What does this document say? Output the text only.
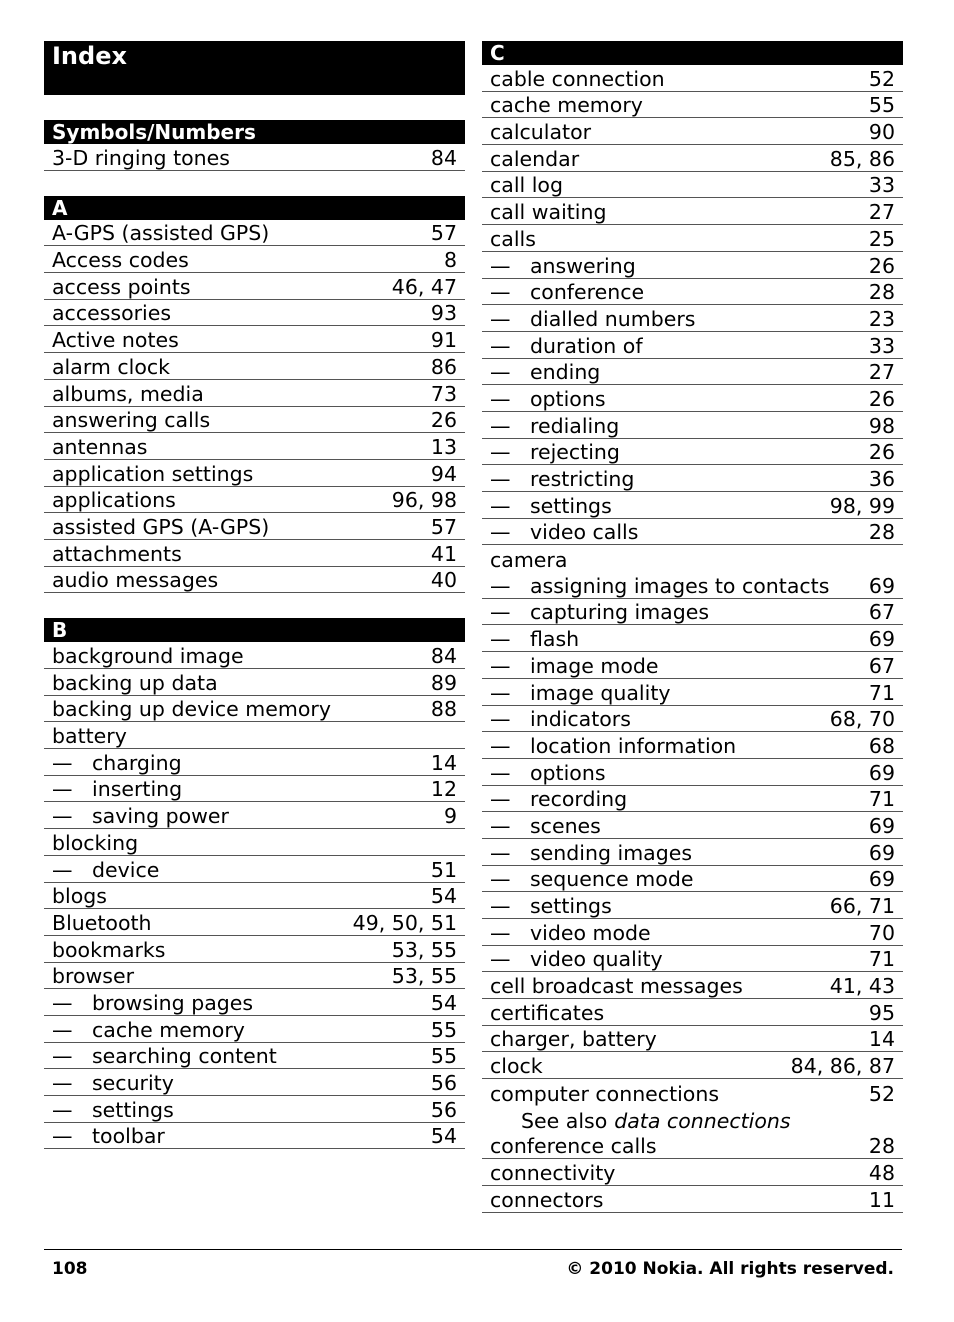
Index
Symbols/Numbers
3-D ringing tones	84
A
A-GPS (assisted GPS)	57
Access codes	8
access points	46, 47
accessories	93
Active notes	91
alarm clock	86
albums, media	73
answering calls	26
antennas	13
application settings	94
applications	96, 98
assisted GPS (A-GPS)	57
attachments	41
audio messages	40
B
background image	84
backing up data	89
backing up device memory	88
battery
— charging	14
— inserting	12
— saving power	9
blocking
— device	51
blogs	54
Bluetooth	49, 50, 51
bookmarks	53, 55
browser	53, 55
— browsing pages	54
— cache memory	55
— searching content	55
— security	56
— settings	56
— toolbar	54
C
cable connection	52
cache memory	55
calculator	90
calendar	85, 86
call log	33
call waiting	27
calls	25
— answering	26
— conference	28
— dialled numbers	23
— duration of	33
— ending	27
— options	26
— redialing	98
— rejecting	26
— restricting	36
— settings	98, 99
— video calls	28
camera
— assigning images to contacts 69
— capturing images	67
— flash	69
— image mode	67
— image quality	71
— indicators	68, 70
— location information	68
— options	69
— recording	71
— scenes	69
— sending images	69
— sequence mode	69
— settings	66, 71
— video mode	70
— video quality	71
cell broadcast messages	41, 43
certificates	95
charger, battery	14
clock	84, 86, 87
computer connections	52
See also data connections
conference calls	28
connectivity	48
connectors	11
108	© 2010 Nokia. All rights reserved.
